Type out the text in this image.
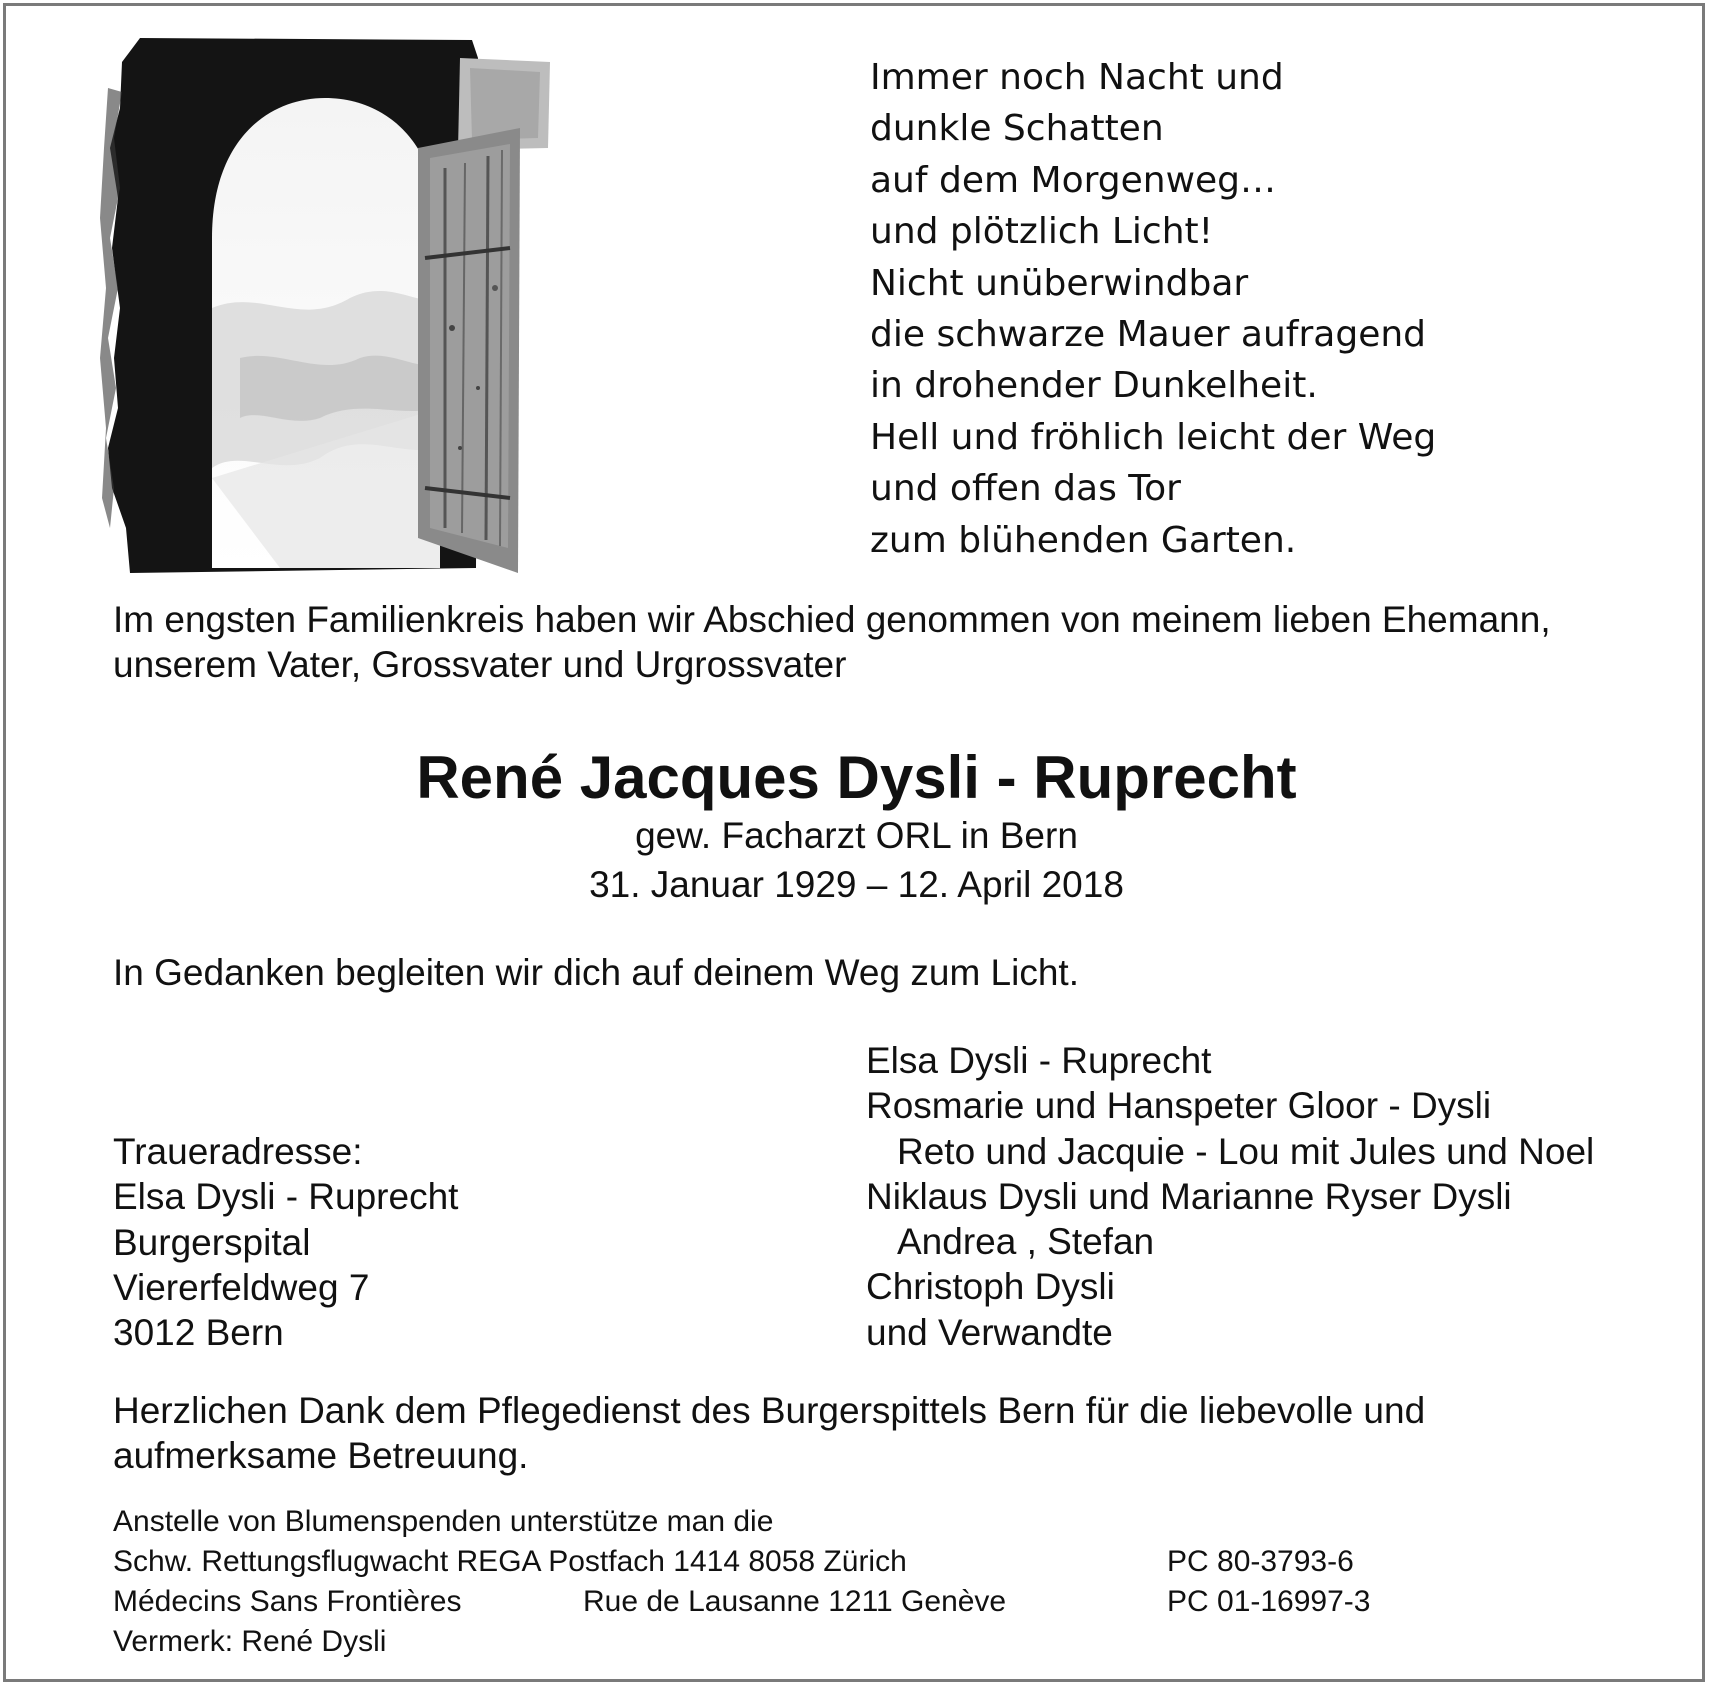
Immer noch Nacht und
dunkle Schatten
auf dem Morgenweg…
und plötzlich Licht!
Nicht unüberwindbar
die schwarze Mauer aufragend
in drohender Dunkelheit.
Hell und fröhlich leicht der Weg
und offen das Tor
zum blühenden Garten.
Im engsten Familienkreis haben wir Abschied genommen von meinem lieben Ehemann,
unserem Vater, Grossvater und Urgrossvater
René Jacques Dysli - Ruprecht
gew. Facharzt ORL in Bern
31. Januar 1929 – 12. April 2018
In Gedanken begleiten wir dich auf deinem Weg zum Licht.
Elsa Dysli - Ruprecht
Rosmarie und Hanspeter Gloor - Dysli
Reto und Jacquie - Lou mit Jules und Noel
Niklaus Dysli und Marianne Ryser Dysli
Andrea , Stefan
Christoph Dysli
und Verwandte
Traueradresse:
Elsa Dysli - Ruprecht
Burgerspital
Viererfeldweg 7
3012 Bern
Herzlichen Dank dem Pflegedienst des Burgerspittels Bern für die liebevolle und
aufmerksame Betreuung.
Anstelle von Blumenspenden unterstütze man die
Schw. Rettungsflugwacht REGA Postfach 1414 8058 Zürich	PC 80-3793-6
Médecins Sans Frontières	Rue de Lausanne 1211 Genève	PC 01-16997-3
Vermerk: René Dysli
